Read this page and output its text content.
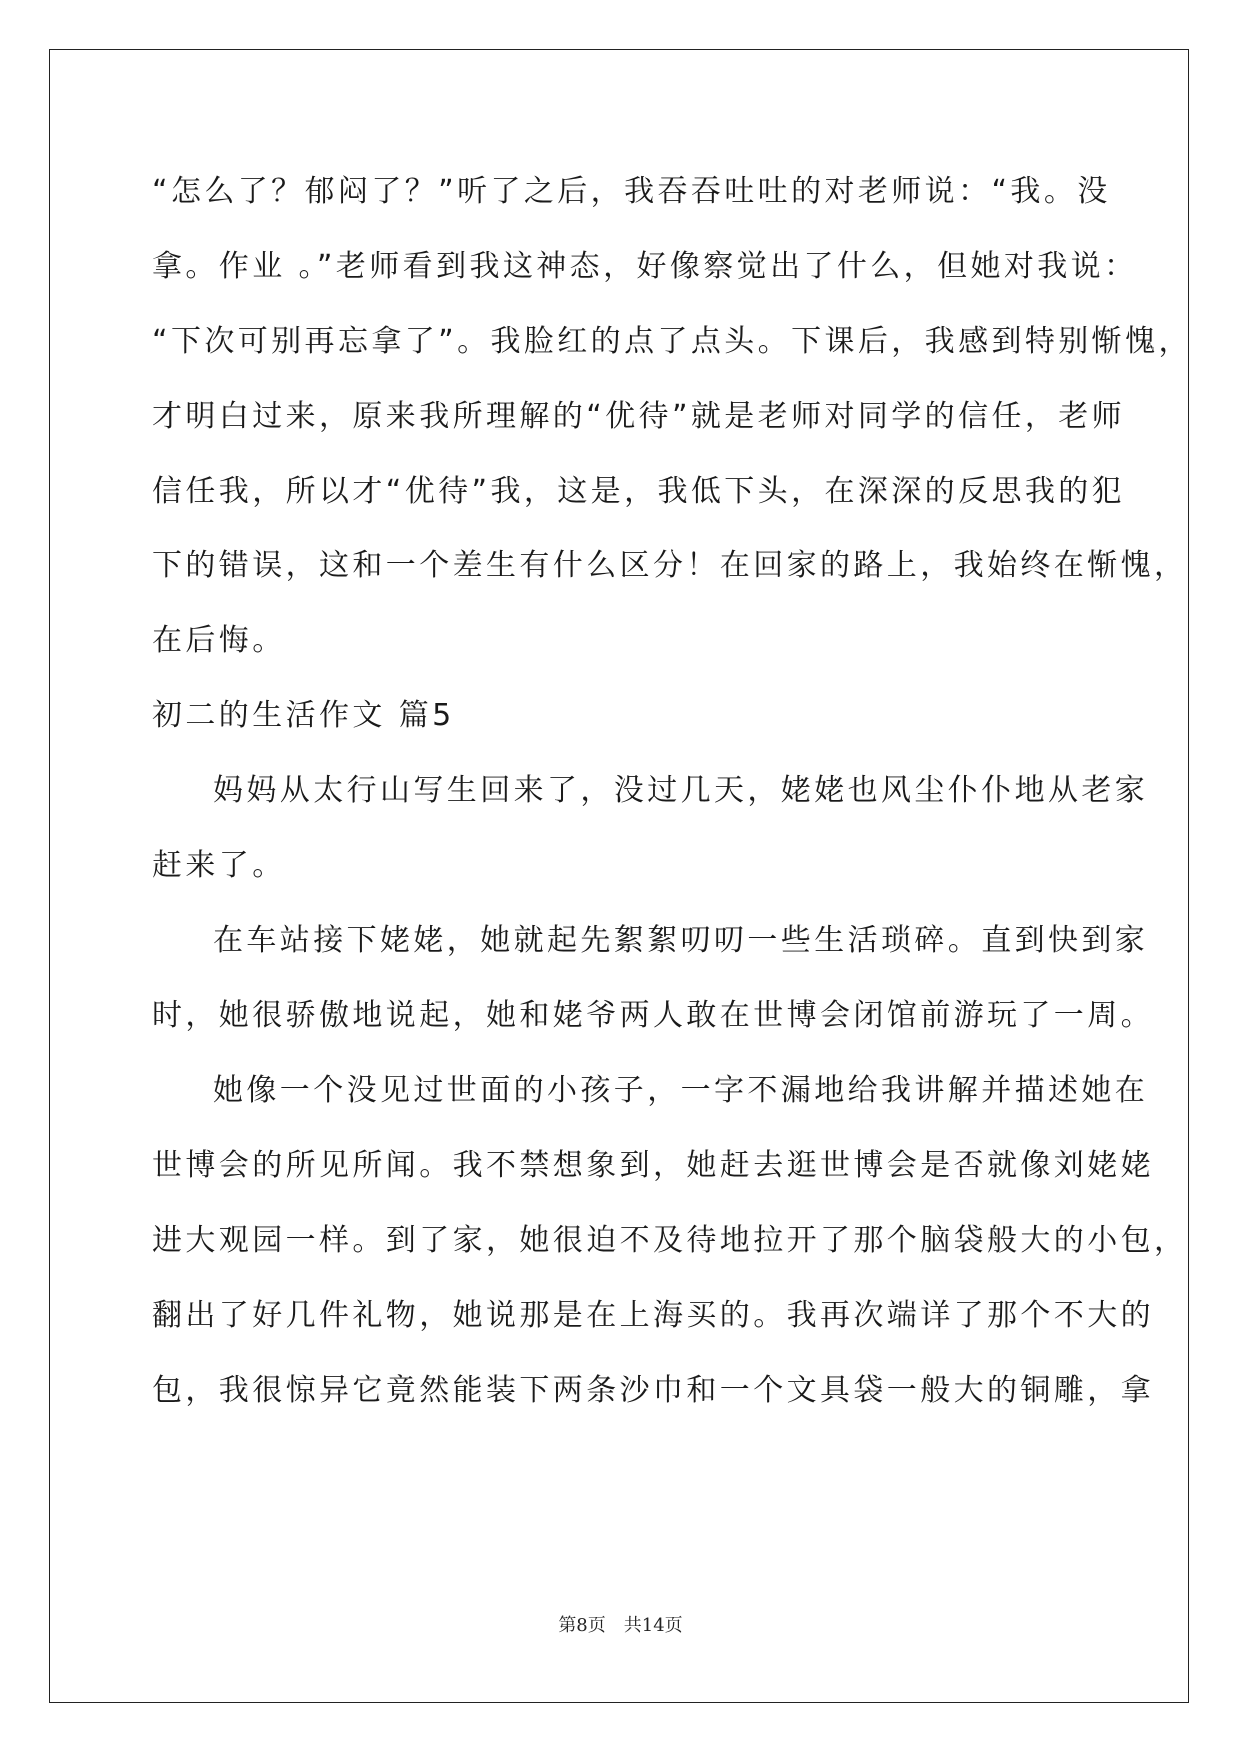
“怎么了？郁闷了？”听了之后，我吞吞吐吐的对老师说：“我。没
拿。作业 。”老师看到我这神态，好像察觉出了什么，但她对我说：
“下次可别再忘拿了”。我脸红的点了点头。下课后，我感到特别惭愧，
才明白过来，原来我所理解的“优待”就是老师对同学的信任，老师
信任我，所以才“优待”我，这是，我低下头，在深深的反思我的犯
下的错误，这和一个差生有什么区分！在回家的路上，我始终在惭愧，
在后悔。
初二的生活作文 篇5
妈妈从太行山写生回来了，没过几天，姥姥也风尘仆仆地从老家
赶来了。
在车站接下姥姥，她就起先絮絮叨叨一些生活琐碎。直到快到家
时，她很骄傲地说起，她和姥爷两人敢在世博会闭馆前游玩了一周。
她像一个没见过世面的小孩子，一字不漏地给我讲解并描述她在
世博会的所见所闻。我不禁想象到，她赶去逛世博会是否就像刘姥姥
进大观园一样。到了家，她很迫不及待地拉开了那个脑袋般大的小包，
翻出了好几件礼物，她说那是在上海买的。我再次端详了那个不大的
包，我很惊异它竟然能装下两条沙巾和一个文具袋一般大的铜雕，拿
第8页　共14页
